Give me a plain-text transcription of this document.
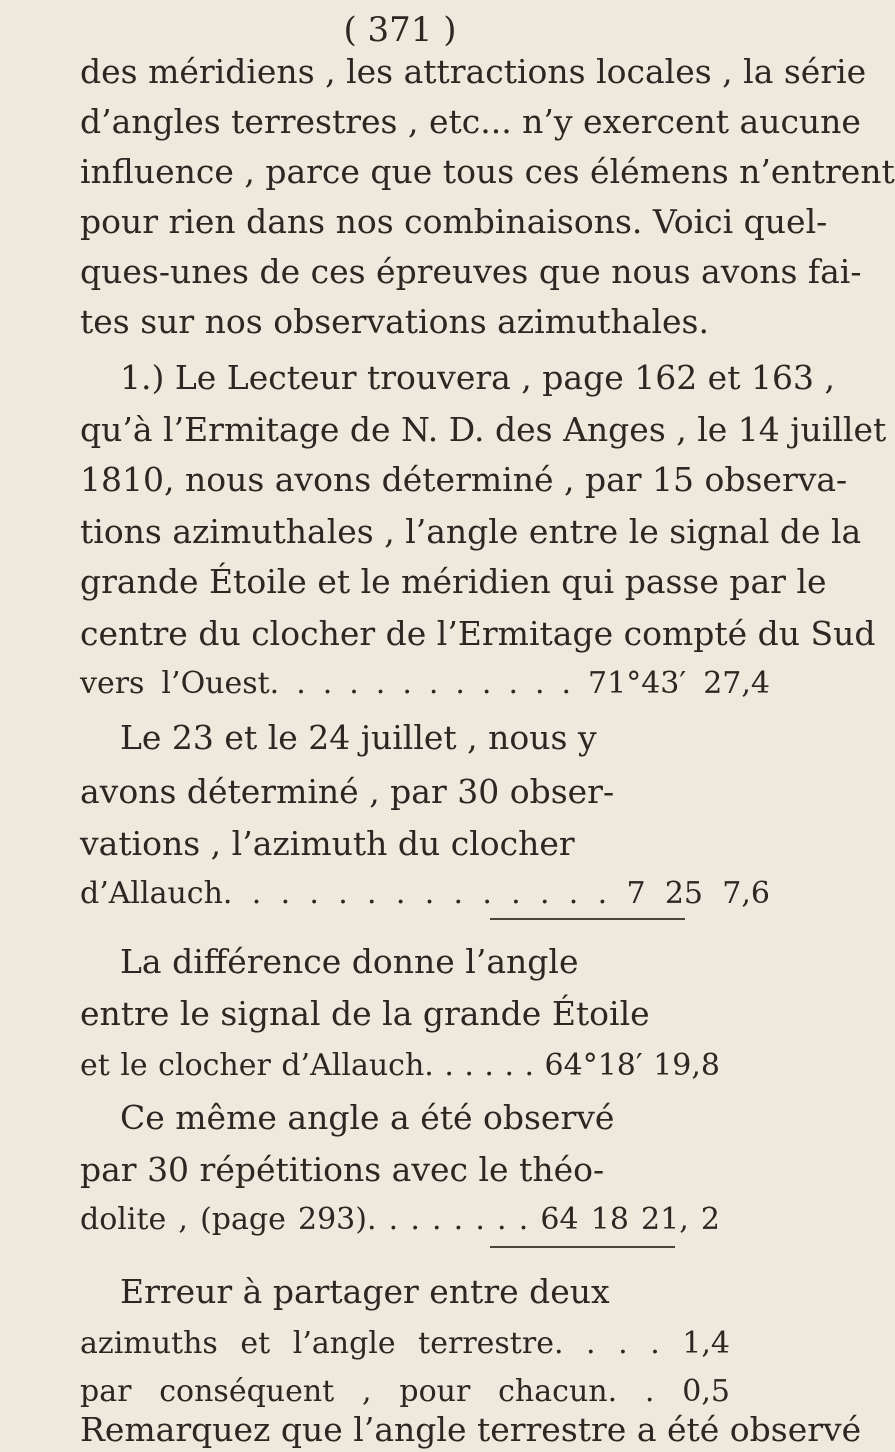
( 371 )
des méridiens , les attractions locales , la série
d’angles terrestres , etc... n’y exercent aucune
influence , parce que tous ces élémens n’entrent
pour rien dans nos combinaisons. Voici quel-
ques-unes de ces épreuves que nous avons fai-
tes sur nos observations azimuthales.
1.) Le Lecteur trouvera , page 162 et 163 ,
qu’à l’Ermitage de N. D. des Anges , le 14 juillet
1810, nous avons déterminé , par 15 observa-
tions azimuthales , l’angle entre le signal de la
grande Étoile et le méridien qui passe par le
centre du clocher de l’Ermitage compté du Sud
vers l’Ouest. . . . . . . . . . . . 71°43′ 27,4
Le 23 et le 24 juillet , nous y
avons déterminé , par 30 obser-
vations , l’azimuth du clocher
d’Allauch. . . . . . . . . . . . . . 7 25 7,6
La différence donne l’angle
entre le signal de la grande Étoile
et le clocher d’Allauch. . . . . . 64°18′ 19,8
Ce même angle a été observé
par 30 répétitions avec le théo-
dolite , (page 293). . . . . . . . 64 18 21, 2
Erreur à partager entre deux
azimuths et l’angle terrestre. . . . 1,4
par conséquent , pour chacun. . 0,5
Remarquez que l’angle terrestre a été observé
